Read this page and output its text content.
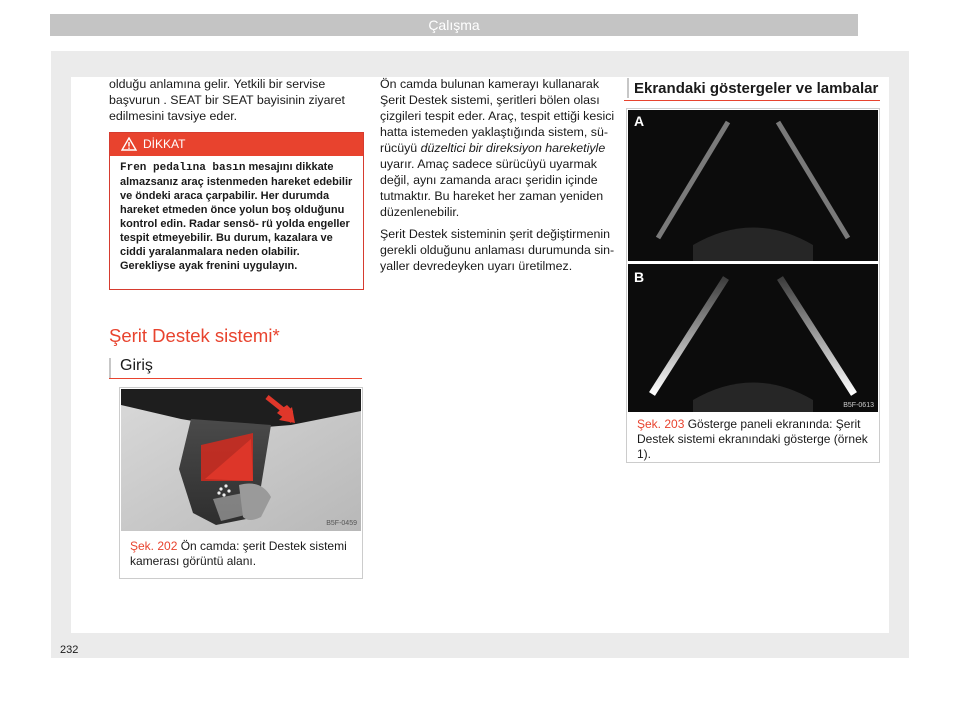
Çalışma

olduğu anlamına gelir. Yetkili bir servise başvurun . SEAT bir SEAT bayisinin ziyaret edilmesini tavsiye eder.

DİKKAT

Fren pedalına basın mesajını dikkate almazsanız araç istenmeden hareket edebilir ve öndeki araca çarpabilir. Her durumda hareket etmeden önce yolun boş olduğunu kontrol edin. Radar sensö- rü yolda engeller tespit etmeyebilir. Bu durum, kazalara ve ciddi yaralanmalara neden olabilir. Gerekliyse ayak frenini uygulayın.

Şerit Destek sistemi*
Giriş
B5F-0459

Şek. 202 Ön camda: şerit Destek sistemi kamerası görüntü alanı.

Ön camda bulunan kamerayı kullanarak Şerit Destek sistemi, şeritleri bölen olası çizgileri tespit eder. Araç, tespit ettiği kesici hatta istemeden yaklaştığında sistem, sü- rücüyü düzeltici bir direksiyon hareketiyle uyarır. Amaç sadece sürücüyü uyarmak değil, aynı zamanda aracı şeridin içinde tutmaktır. Bu hareket her zaman yeniden düzenlenebilir.

Şerit Destek sisteminin şerit değiştirmenin gerekli olduğunu anlaması durumunda sin- yaller devredeyken uyarı üretilmez.

Ekrandaki göstergeler ve lambalar
A
B
B5F-0613

Şek. 203 Gösterge paneli ekranında: Şerit Destek sistemi ekranındaki gösterge (örnek 1).

232
